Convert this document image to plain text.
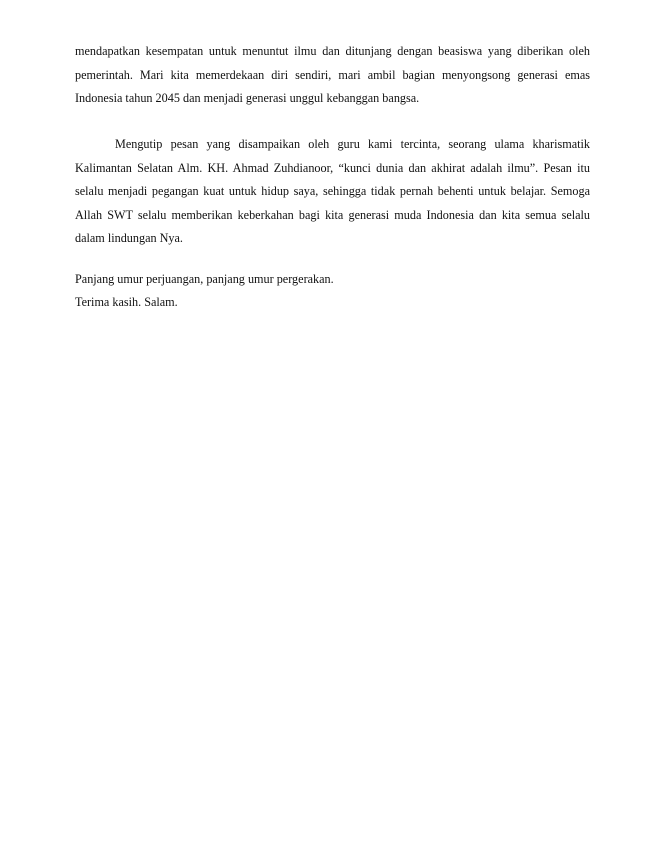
mendapatkan kesempatan untuk menuntut ilmu dan ditunjang dengan beasiswa yang diberikan oleh pemerintah. Mari kita memerdekaan diri sendiri, mari ambil bagian menyongsong generasi emas Indonesia tahun 2045 dan menjadi generasi unggul kebanggan bangsa.

Mengutip pesan yang disampaikan oleh guru kami tercinta, seorang ulama kharismatik Kalimantan Selatan Alm. KH. Ahmad Zuhdianoor, “kunci dunia dan akhirat adalah ilmu”. Pesan itu selalu menjadi pegangan kuat untuk hidup saya, sehingga tidak pernah behenti untuk belajar. Semoga Allah SWT selalu memberikan keberkahan bagi kita generasi muda Indonesia dan kita semua selalu dalam lindungan Nya.

Panjang umur perjuangan, panjang umur pergerakan.

Terima kasih. Salam.
